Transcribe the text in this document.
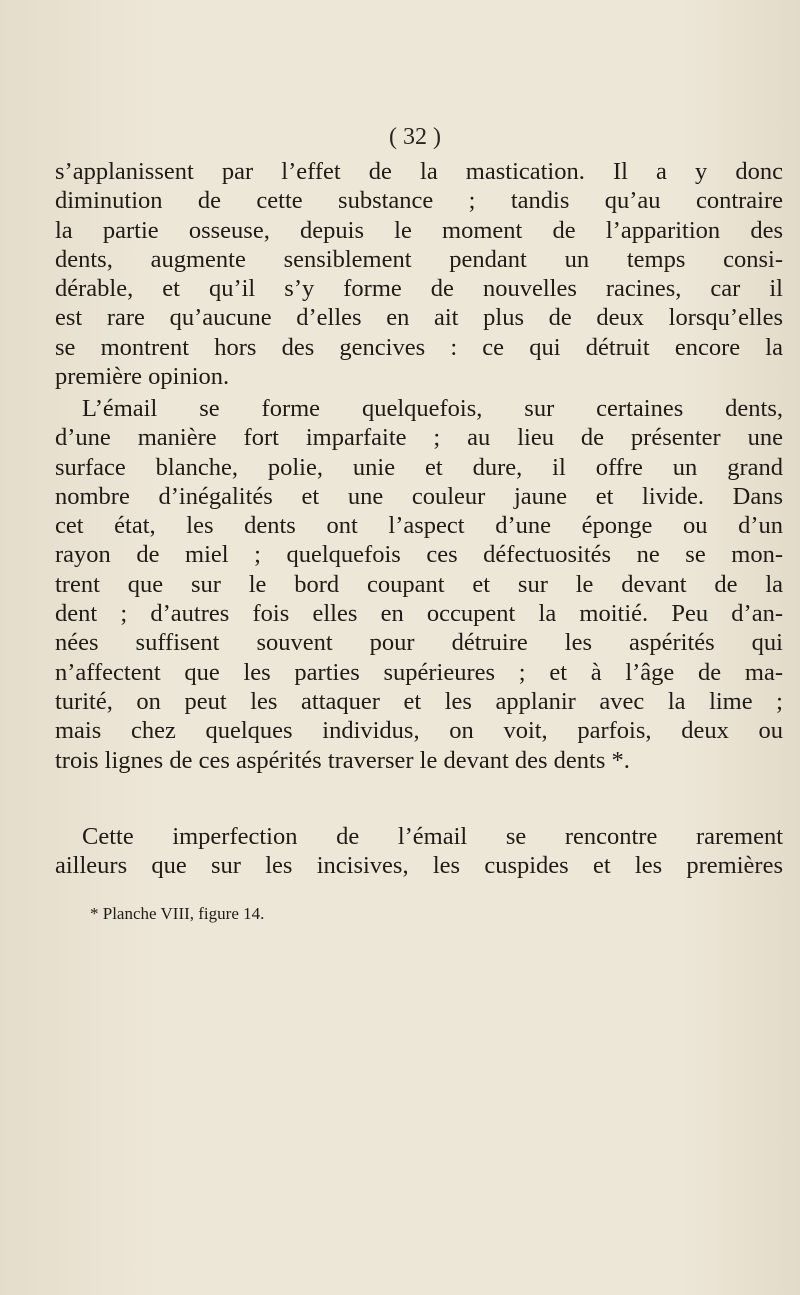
( 32 )
s’applanissent par l’effet de la mastication. Il a y donc
diminution de cette substance ; tandis qu’au contraire
la partie osseuse, depuis le moment de l’apparition des
dents, augmente sensiblement pendant un temps consi-
dérable, et qu’il s’y forme de nouvelles racines, car il
est rare qu’aucune d’elles en ait plus de deux lorsqu’elles
se montrent hors des gencives : ce qui détruit encore la
première opinion.
L’émail se forme quelquefois, sur certaines dents,
d’une manière fort imparfaite ; au lieu de présenter une
surface blanche, polie, unie et dure, il offre un grand
nombre d’inégalités et une couleur jaune et livide. Dans
cet état, les dents ont l’aspect d’une éponge ou d’un
rayon de miel ; quelquefois ces défectuosités ne se mon-
trent que sur le bord coupant et sur le devant de la
dent ; d’autres fois elles en occupent la moitié. Peu d’an-
nées suffisent souvent pour détruire les aspérités qui
n’affectent que les parties supérieures ; et à l’âge de ma-
turité, on peut les attaquer et les applanir avec la lime ;
mais chez quelques individus, on voit, parfois, deux ou
trois lignes de ces aspérités traverser le devant des dents *.
Cette imperfection de l’émail se rencontre rarement
ailleurs que sur les incisives, les cuspides et les premières
* Planche VIII, figure 14.
